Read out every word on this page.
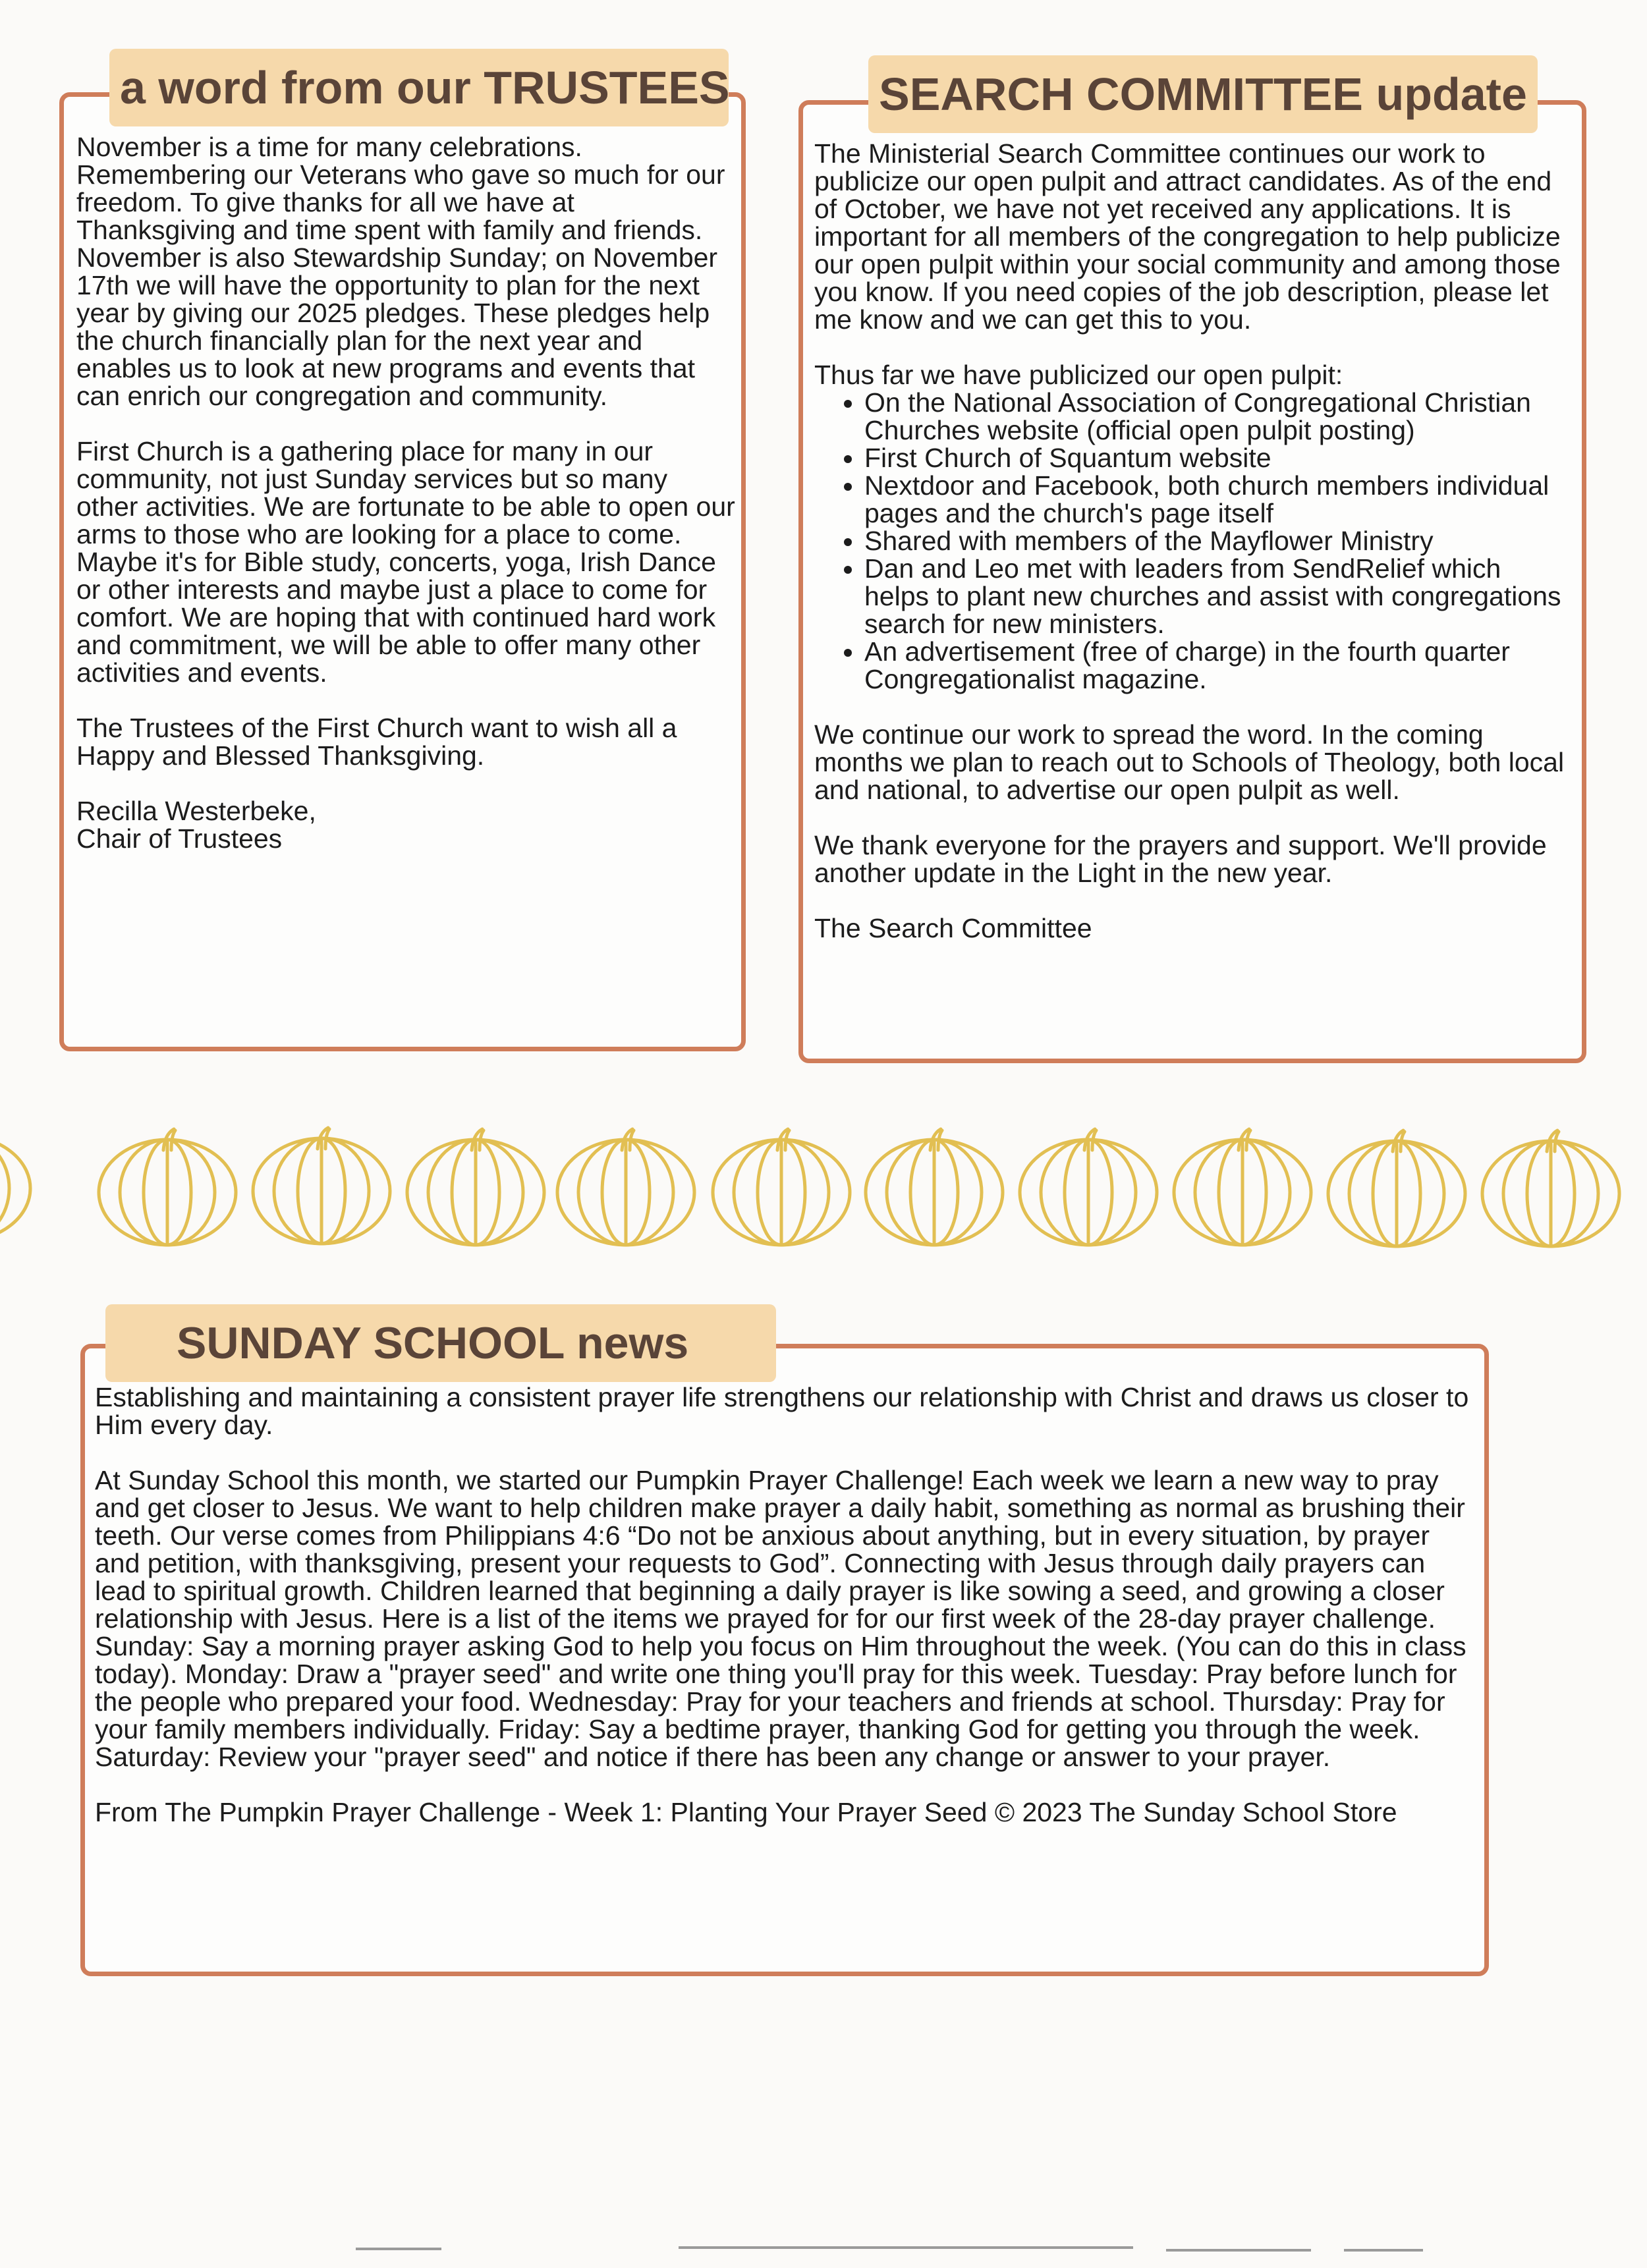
a word from our TRUSTEES

November is a time for many celebrations. Remembering our Veterans who gave so much for our freedom. To give thanks for all we have at Thanksgiving and time spent with family and friends. November is also Stewardship Sunday; on November 17th we will have the opportunity to plan for the next year by giving our 2025 pledges. These pledges help the church financially plan for the next year and enables us to look at new programs and events that can enrich our congregation and community.

First Church is a gathering place for many in our community, not just Sunday services but so many other activities. We are fortunate to be able to open our arms to those who are looking for a place to come. Maybe it's for Bible study, concerts, yoga, Irish Dance or other interests and maybe just a place to come for comfort. We are hoping that with continued hard work and commitment, we will be able to offer many other activities and events.

The Trustees of the First Church want to wish all a Happy and Blessed Thanksgiving.

Recilla Westerbeke,

Chair of Trustees

SEARCH COMMITTEE update

The Ministerial Search Committee continues our work to publicize our open pulpit and attract candidates. As of the end of October, we have not yet received any applications. It is important for all members of the congregation to help publicize our open pulpit within your social community and among those you know. If you need copies of the job description, please let me know and we can get this to you.

Thus far we have publicized our open pulpit:

• On the National Association of Congregational Christian Churches website (official open pulpit posting)
• First Church of Squantum website
• Nextdoor and Facebook, both church members individual pages and the church's page itself
• Shared with members of the Mayflower Ministry
• Dan and Leo met with leaders from SendRelief which helps to plant new churches and assist with congregations search for new ministers.
• An advertisement (free of charge) in the fourth quarter Congregationalist magazine.

We continue our work to spread the word. In the coming months we plan to reach out to Schools of Theology, both local and national, to advertise our open pulpit as well.

We thank everyone for the prayers and support. We'll provide another update in the Light in the new year.

The Search Committee

SUNDAY SCHOOL news

Establishing and maintaining a consistent prayer life strengthens our relationship with Christ and draws us closer to Him every day.

At Sunday School this month, we started our Pumpkin Prayer Challenge! Each week we learn a new way to pray and get closer to Jesus. We want to help children make prayer a daily habit, something as normal as brushing their teeth. Our verse comes from Philippians 4:6 “Do not be anxious about anything, but in every situation, by prayer and petition, with thanksgiving, present your requests to God”. Connecting with Jesus through daily prayers can lead to spiritual growth. Children learned that beginning a daily prayer is like sowing a seed, and growing a closer relationship with Jesus. Here is a list of the items we prayed for for our first week of the 28-day prayer challenge. Sunday: Say a morning prayer asking God to help you focus on Him throughout the week. (You can do this in class today). Monday: Draw a "prayer seed" and write one thing you'll pray for this week. Tuesday: Pray before lunch for the people who prepared your food. Wednesday: Pray for your teachers and friends at school. Thursday: Pray for your family members individually. Friday: Say a bedtime prayer, thanking God for getting you through the week. Saturday: Review your "prayer seed" and notice if there has been any change or answer to your prayer.

From The Pumpkin Prayer Challenge - Week 1: Planting Your Prayer Seed © 2023 The Sunday School Store
